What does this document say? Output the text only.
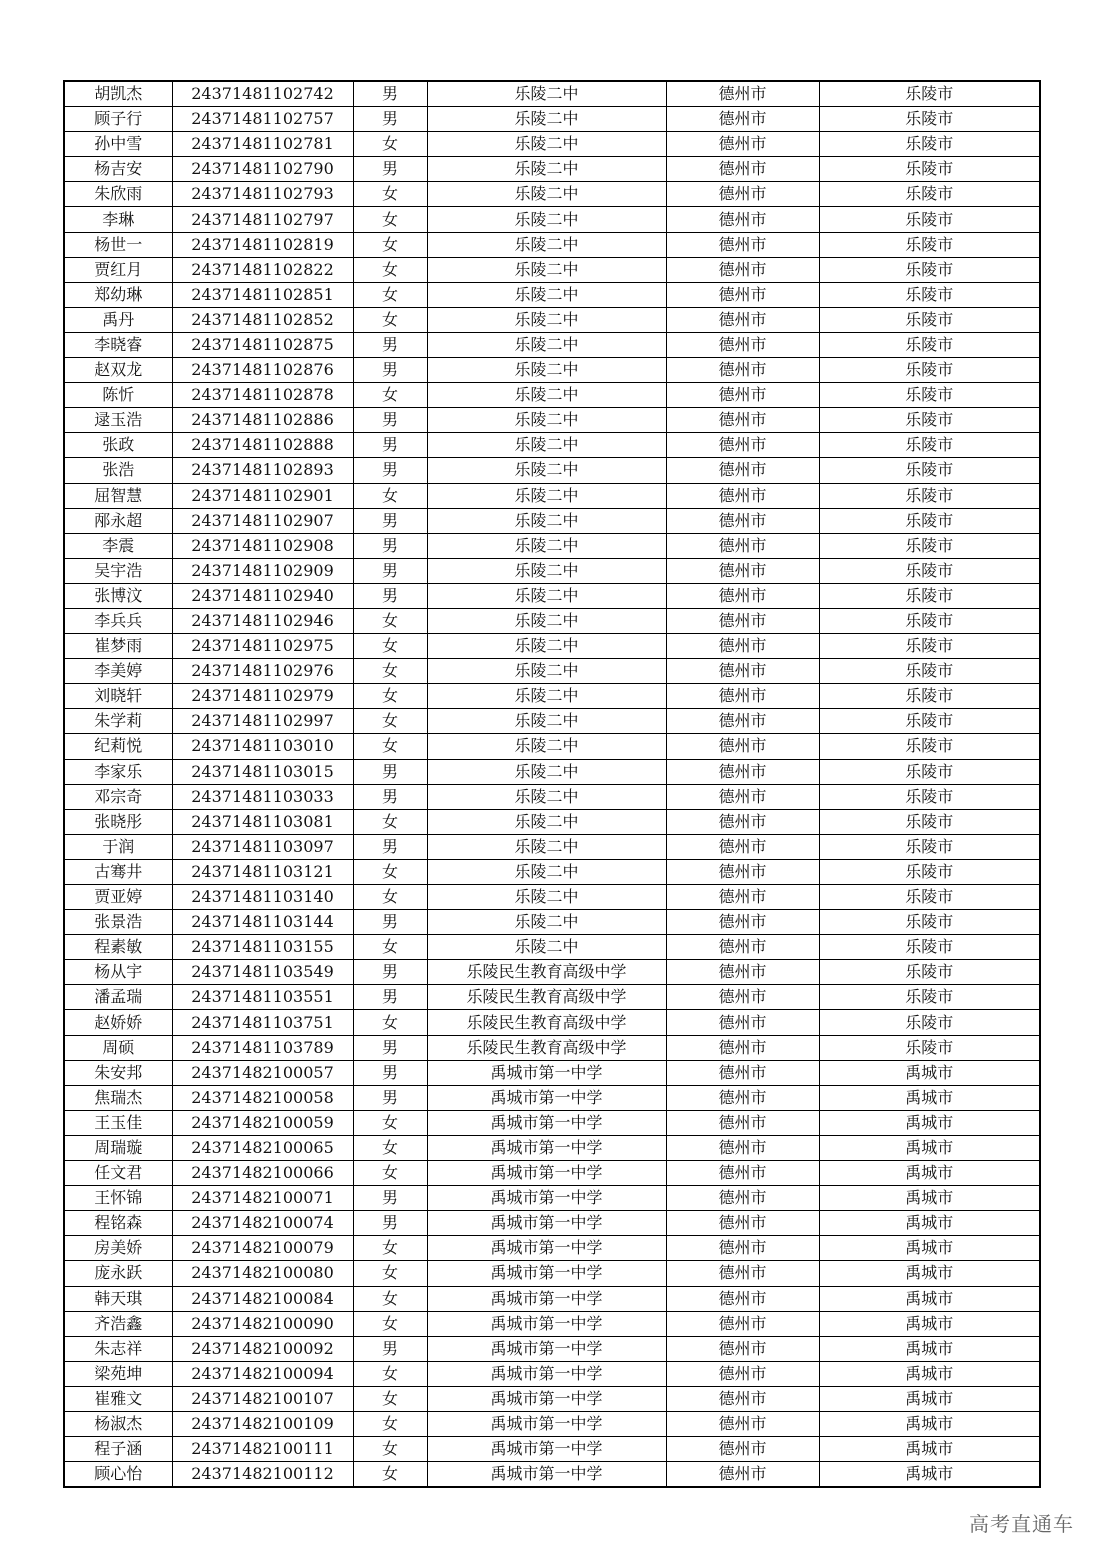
胡凯杰	24371481102742	男	乐陵二中	德州市	乐陵市
顾子行	24371481102757	男	乐陵二中	德州市	乐陵市
孙中雪	24371481102781	女	乐陵二中	德州市	乐陵市
杨吉安	24371481102790	男	乐陵二中	德州市	乐陵市
朱欣雨	24371481102793	女	乐陵二中	德州市	乐陵市
李琳	24371481102797	女	乐陵二中	德州市	乐陵市
杨世一	24371481102819	女	乐陵二中	德州市	乐陵市
贾红月	24371481102822	女	乐陵二中	德州市	乐陵市
郑幼琳	24371481102851	女	乐陵二中	德州市	乐陵市
禹丹	24371481102852	女	乐陵二中	德州市	乐陵市
李晓睿	24371481102875	男	乐陵二中	德州市	乐陵市
赵双龙	24371481102876	男	乐陵二中	德州市	乐陵市
陈忻	24371481102878	女	乐陵二中	德州市	乐陵市
逯玉浩	24371481102886	男	乐陵二中	德州市	乐陵市
张政	24371481102888	男	乐陵二中	德州市	乐陵市
张浩	24371481102893	男	乐陵二中	德州市	乐陵市
屈智慧	24371481102901	女	乐陵二中	德州市	乐陵市
邴永超	24371481102907	男	乐陵二中	德州市	乐陵市
李震	24371481102908	男	乐陵二中	德州市	乐陵市
吴宇浩	24371481102909	男	乐陵二中	德州市	乐陵市
张博汶	24371481102940	男	乐陵二中	德州市	乐陵市
李兵兵	24371481102946	女	乐陵二中	德州市	乐陵市
崔梦雨	24371481102975	女	乐陵二中	德州市	乐陵市
李美婷	24371481102976	女	乐陵二中	德州市	乐陵市
刘晓轩	24371481102979	女	乐陵二中	德州市	乐陵市
朱学莉	24371481102997	女	乐陵二中	德州市	乐陵市
纪莉悦	24371481103010	女	乐陵二中	德州市	乐陵市
李家乐	24371481103015	男	乐陵二中	德州市	乐陵市
邓宗奇	24371481103033	男	乐陵二中	德州市	乐陵市
张晓彤	24371481103081	女	乐陵二中	德州市	乐陵市
于润	24371481103097	男	乐陵二中	德州市	乐陵市
古骞井	24371481103121	女	乐陵二中	德州市	乐陵市
贾亚婷	24371481103140	女	乐陵二中	德州市	乐陵市
张景浩	24371481103144	男	乐陵二中	德州市	乐陵市
程素敏	24371481103155	女	乐陵二中	德州市	乐陵市
杨从宇	24371481103549	男	乐陵民生教育高级中学	德州市	乐陵市
潘孟瑞	24371481103551	男	乐陵民生教育高级中学	德州市	乐陵市
赵娇娇	24371481103751	女	乐陵民生教育高级中学	德州市	乐陵市
周硕	24371481103789	男	乐陵民生教育高级中学	德州市	乐陵市
朱安邦	24371482100057	男	禹城市第一中学	德州市	禹城市
焦瑞杰	24371482100058	男	禹城市第一中学	德州市	禹城市
王玉佳	24371482100059	女	禹城市第一中学	德州市	禹城市
周瑞璇	24371482100065	女	禹城市第一中学	德州市	禹城市
任文君	24371482100066	女	禹城市第一中学	德州市	禹城市
王怀锦	24371482100071	男	禹城市第一中学	德州市	禹城市
程铭森	24371482100074	男	禹城市第一中学	德州市	禹城市
房美娇	24371482100079	女	禹城市第一中学	德州市	禹城市
庞永跃	24371482100080	女	禹城市第一中学	德州市	禹城市
韩天琪	24371482100084	女	禹城市第一中学	德州市	禹城市
齐浩鑫	24371482100090	女	禹城市第一中学	德州市	禹城市
朱志祥	24371482100092	男	禹城市第一中学	德州市	禹城市
梁苑坤	24371482100094	女	禹城市第一中学	德州市	禹城市
崔雅文	24371482100107	女	禹城市第一中学	德州市	禹城市
杨淑杰	24371482100109	女	禹城市第一中学	德州市	禹城市
程子涵	24371482100111	女	禹城市第一中学	德州市	禹城市
顾心怡	24371482100112	女	禹城市第一中学	德州市	禹城市
高考直通车
